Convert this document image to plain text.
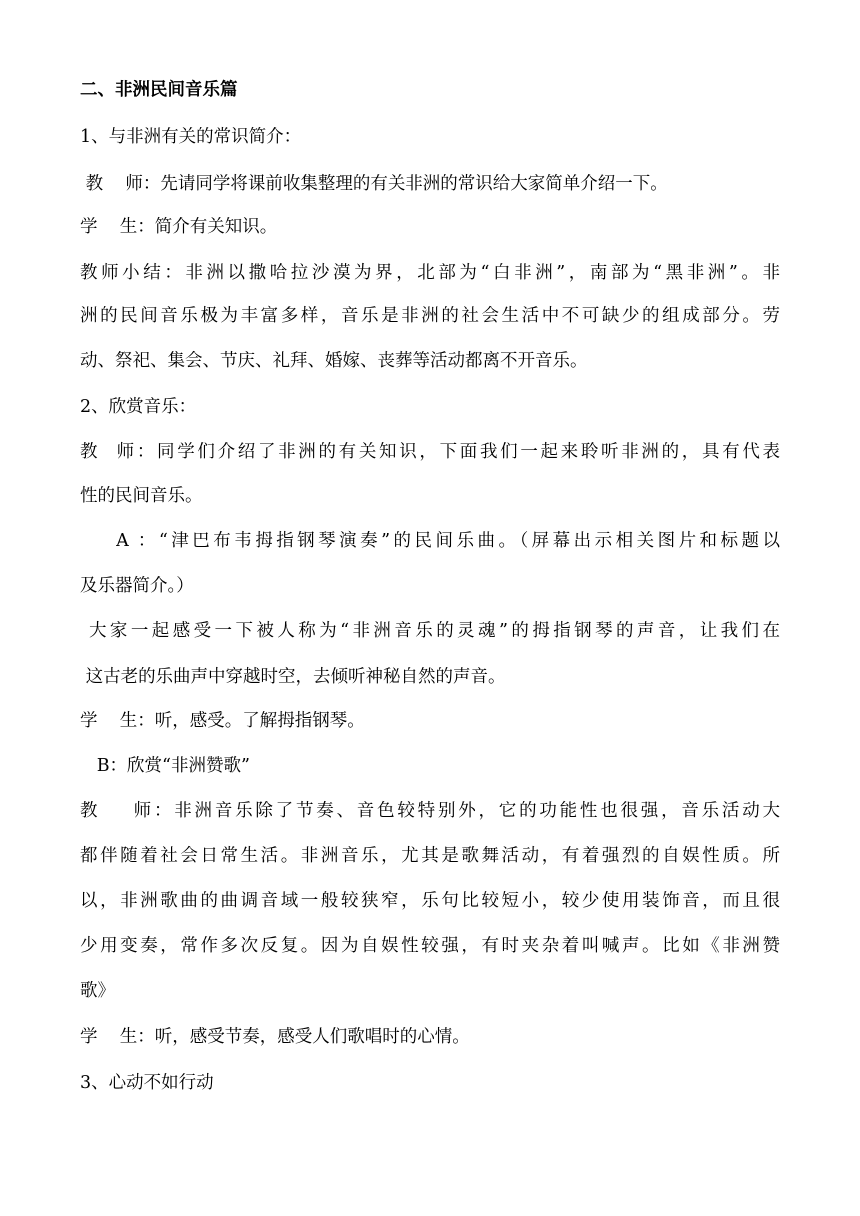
二、非洲民间音乐篇
1、与非洲有关的常识简介：
教    师：先请同学将课前收集整理的有关非洲的常识给大家简单介绍一下。
学    生：简介有关知识。
教师小结：非洲以撒哈拉沙漠为界，北部为“白非洲”，南部为“黑非洲”。非
洲的民间音乐极为丰富多样，音乐是非洲的社会生活中不可缺少的组成部分。劳
动、祭祀、集会、节庆、礼拜、婚嫁、丧葬等活动都离不开音乐。
2、欣赏音乐：
教  师：同学们介绍了非洲的有关知识，下面我们一起来聆听非洲的，具有代表
性的民间音乐。
A ：“津巴布韦拇指钢琴演奏”的民间乐曲。（屏幕出示相关图片和标题以
及乐器简介。）
大家一起感受一下被人称为“非洲音乐的灵魂”的拇指钢琴的声音，让我们在
这古老的乐曲声中穿越时空，去倾听神秘自然的声音。
学    生：听，感受。了解拇指钢琴。
B：欣赏“非洲赞歌”
教    师：非洲音乐除了节奏、音色较特别外，它的功能性也很强，音乐活动大
都伴随着社会日常生活。非洲音乐，尤其是歌舞活动，有着强烈的自娱性质。所
以，非洲歌曲的曲调音域一般较狭窄，乐句比较短小，较少使用装饰音，而且很
少用变奏，常作多次反复。因为自娱性较强，有时夹杂着叫喊声。比如《非洲赞
歌》
学    生：听，感受节奏，感受人们歌唱时的心情。
3、心动不如行动
